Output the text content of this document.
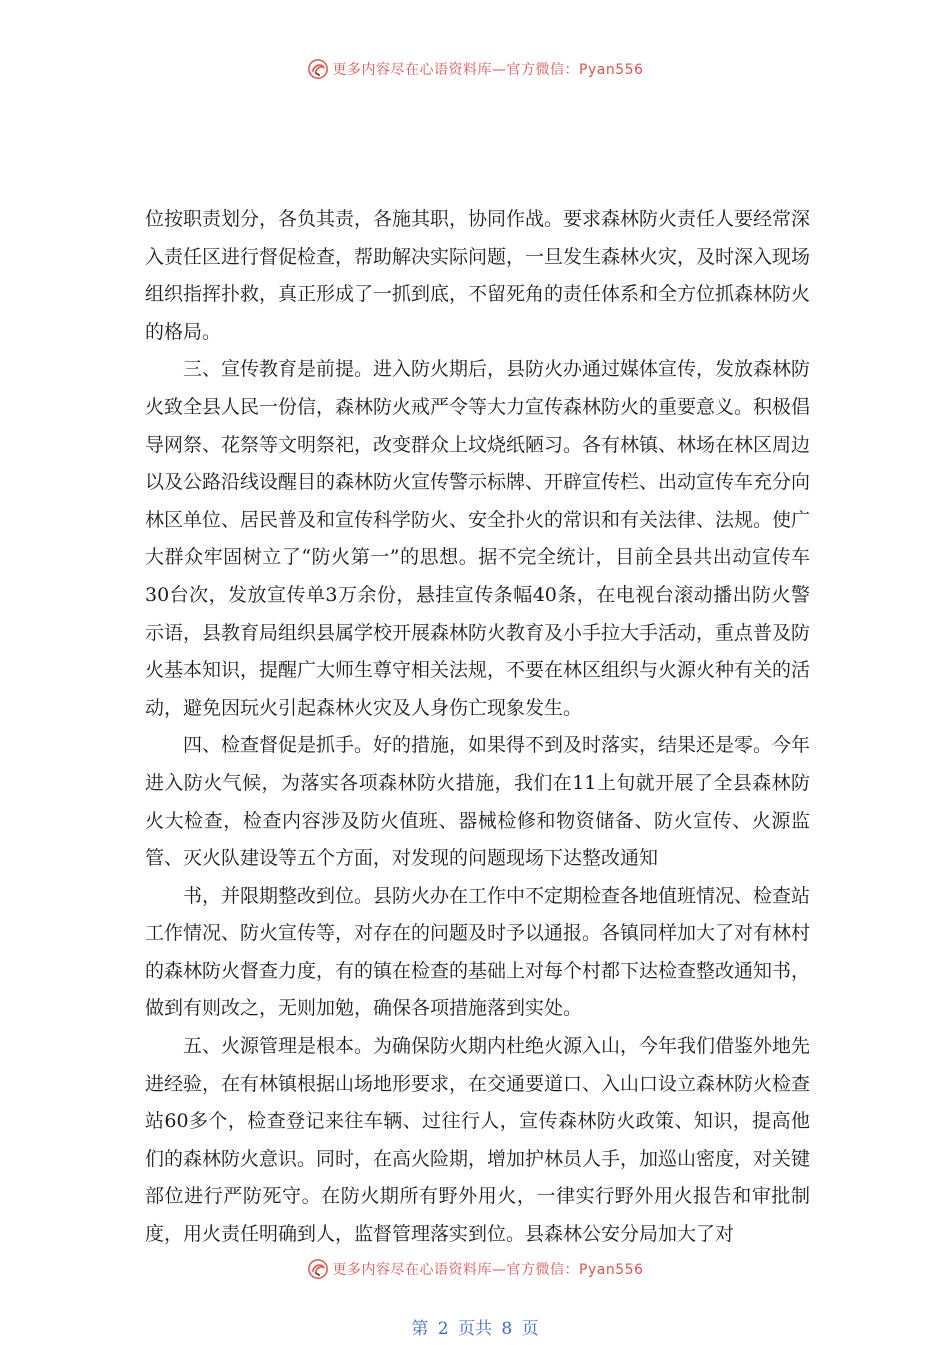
更多内容尽在心语资料库—官方微信：Pyan556

位按职责划分，各负其责，各施其职，协同作战。要求森林防火责任人要经常深入责任区进行督促检查，帮助解决实际问题，一旦发生森林火灾，及时深入现场组织指挥扑救，真正形成了一抓到底，不留死角的责任体系和全方位抓森林防火的格局。

三、宣传教育是前提。进入防火期后，县防火办通过媒体宣传，发放森林防火致全县人民一份信，森林防火戒严令等大力宣传森林防火的重要意义。积极倡导网祭、花祭等文明祭祀，改变群众上坟烧纸陋习。各有林镇、林场在林区周边以及公路沿线设醒目的森林防火宣传警示标牌、开辟宣传栏、出动宣传车充分向林区单位、居民普及和宣传科学防火、安全扑火的常识和有关法律、法规。使广大群众牢固树立了“防火第一”的思想。据不完全统计，目前全县共出动宣传车30台次，发放宣传单3万余份，悬挂宣传条幅40条，在电视台滚动播出防火警示语，县教育局组织县属学校开展森林防火教育及小手拉大手活动，重点普及防火基本知识，提醒广大师生尊守相关法规，不要在林区组织与火源火种有关的活动，避免因玩火引起森林火灾及人身伤亡现象发生。

四、检查督促是抓手。好的措施，如果得不到及时落实，结果还是零。今年进入防火气候，为落实各项森林防火措施，我们在11上旬就开展了全县森林防火大检查，检查内容涉及防火值班、器械检修和物资储备、防火宣传、火源监管、灭火队建设等五个方面，对发现的问题现场下达整改通知

书，并限期整改到位。县防火办在工作中不定期检查各地值班情况、检查站工作情况、防火宣传等，对存在的问题及时予以通报。各镇同样加大了对有林村的森林防火督查力度，有的镇在检查的基础上对每个村都下达检查整改通知书，做到有则改之，无则加勉，确保各项措施落到实处。

五、火源管理是根本。为确保防火期内杜绝火源入山，今年我们借鉴外地先进经验，在有林镇根据山场地形要求，在交通要道口、入山口设立森林防火检查站60多个，检查登记来往车辆、过往行人，宣传森林防火政策、知识，提高他们的森林防火意识。同时，在高火险期，增加护林员人手，加巡山密度，对关键部位进行严防死守。在防火期所有野外用火，一律实行野外用火报告和审批制度，用火责任明确到人，监督管理落实到位。县森林公安分局加大了对

更多内容尽在心语资料库—官方微信：Pyan556
第 2 页共 8 页
